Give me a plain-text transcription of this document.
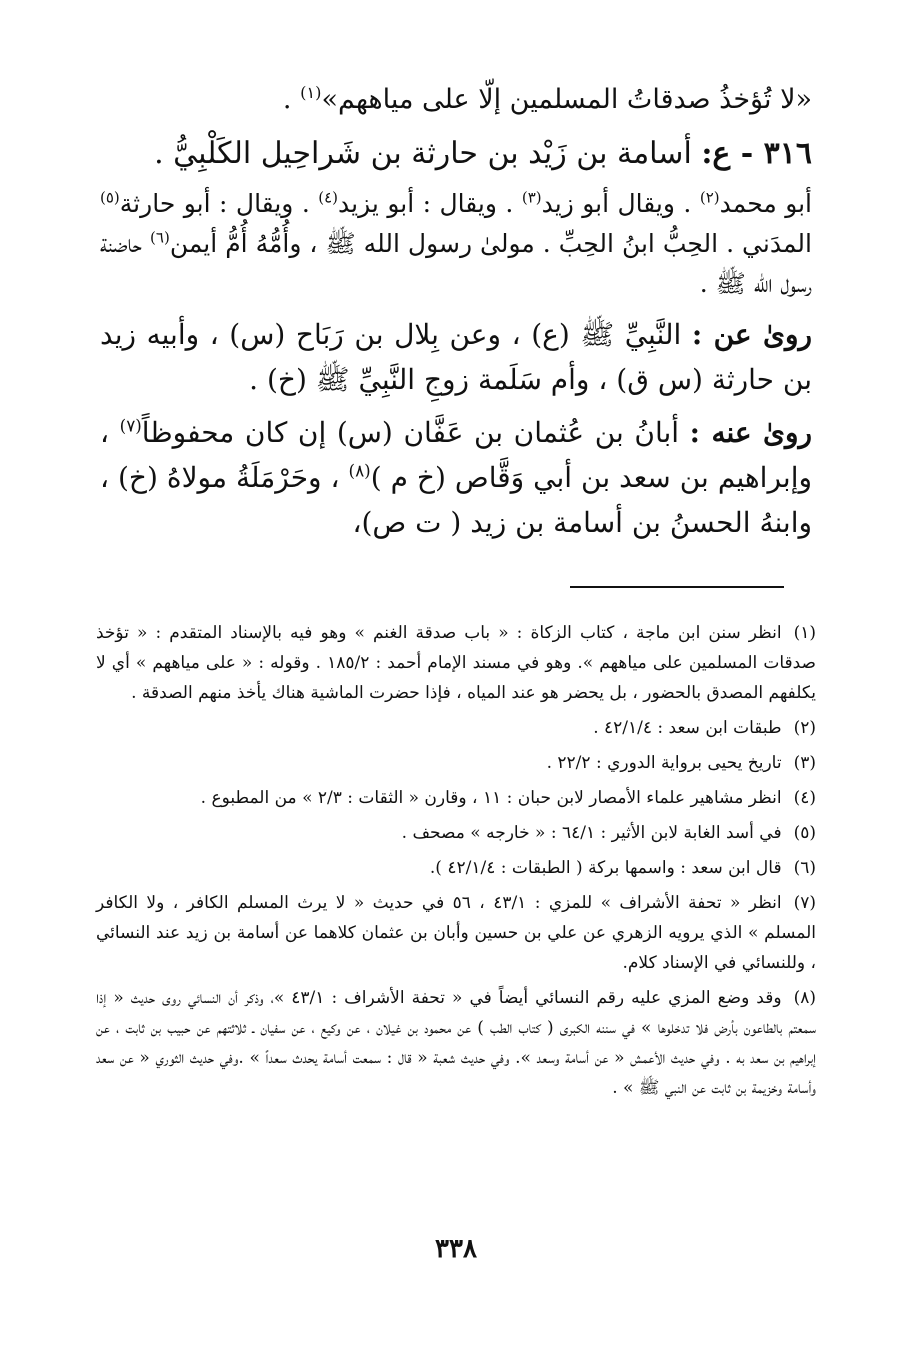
«لا تُؤخذُ صدقاتُ المسلمين إلّا على مياههم»$^{(١)}$ .

٣١٦ - ع: أسامة بن زَيْد بن حارثة بن شَراحِيل الكَلْبِيُّ .

أبو محمد$^{(٢)}$ . ويقال أبو زيد$^{(٣)}$ . ويقال : أبو يزيد$^{(٤)}$ . ويقال : أبو حارثة$^{(٥)}$ المدَني . الحِبُّ ابنُ الحِبِّ . مولىٰ رسول الله ﷺ ، وأُمُّهُ أُمُّ أيمن$^{(٦)}$ حاضنة رسول الله ﷺ .

روىٰ عن : النَّبِيِّ ﷺ (ع) ، وعن بِلال بن رَبَاح (س) ، وأبيه زيد بن حارثة (س ق) ، وأم سَلَمة زوجِ النَّبِيِّ ﷺ (خ) .

روىٰ عنه : أبانُ بن عُثمان بن عَفَّان (س) إن كان محفوظاً$^{(٧)}$ ، وإبراهيم بن سعد بن أبي وَقَّاص (خ م )$^{(٨)}$ ، وحَرْمَلَةُ مولاهُ (خ) ، وابنهُ الحسنُ بن أسامة بن زيد ( ت ص)،

(١)انظر سنن ابن ماجة ، كتاب الزكاة : « باب صدقة الغنم » وهو فيه بالإسناد المتقدم : « تؤخذ صدقات المسلمين على مياههم ». وهو في مسند الإمام أحمد : ١٨٥/٢ . وقوله : « على مياههم » أي لا يكلفهم المصدق بالحضور ، بل يحضر هو عند المياه ، فإذا حضرت الماشية هناك يأخذ منهم الصدقة .

(٢)طبقات ابن سعد : ٤٢/١/٤ .

(٣)تاريخ يحيى برواية الدوري : ٢٢/٢ .

(٤)انظر مشاهير علماء الأمصار لابن حبان : ١١ ، وقارن « الثقات : ٢/٣ » من المطبوع .

(٥)في أسد الغابة لابن الأثير : ٦٤/١ : « خارجه » مصحف .

(٦)قال ابن سعد : واسمها بركة ( الطبقات : ٤٢/١/٤ ).

(٧)انظر « تحفة الأشراف » للمزي : ٤٣/١ ، ٥٦ في حديث « لا يرث المسلم الكافر ، ولا الكافر المسلم » الذي يرويه الزهري عن علي بن حسين وأبان بن عثمان كلاهما عن أسامة بن زيد عند النسائي ، وللنسائي في الإسناد كلام.

(٨)وقد وضع المزي عليه رقم النسائي أيضاً في « تحفة الأشراف : ٤٣/١ »، وذكر أن النسائي روى حديث « إذا سمعتم بالطاعون بأرض فلا تدخلوها » في سننه الكبرى ( كتاب الطب ) عن محمود بن غيلان ، عن وكيع ، عن سفيان ـ ثلاثتهم عن حبيب بن ثابت ، عن إبراهيم بن سعد به . وفي حديث الأعمش « عن أسامة وسعد ». وفي حديث شعبة « قال : سمعت أسامة يحدث سعداً » .وفي حديث الثوري « عن سعد وأسامة وخزيمة بن ثابت عن النبي ﷺ » .

٣٣٨
